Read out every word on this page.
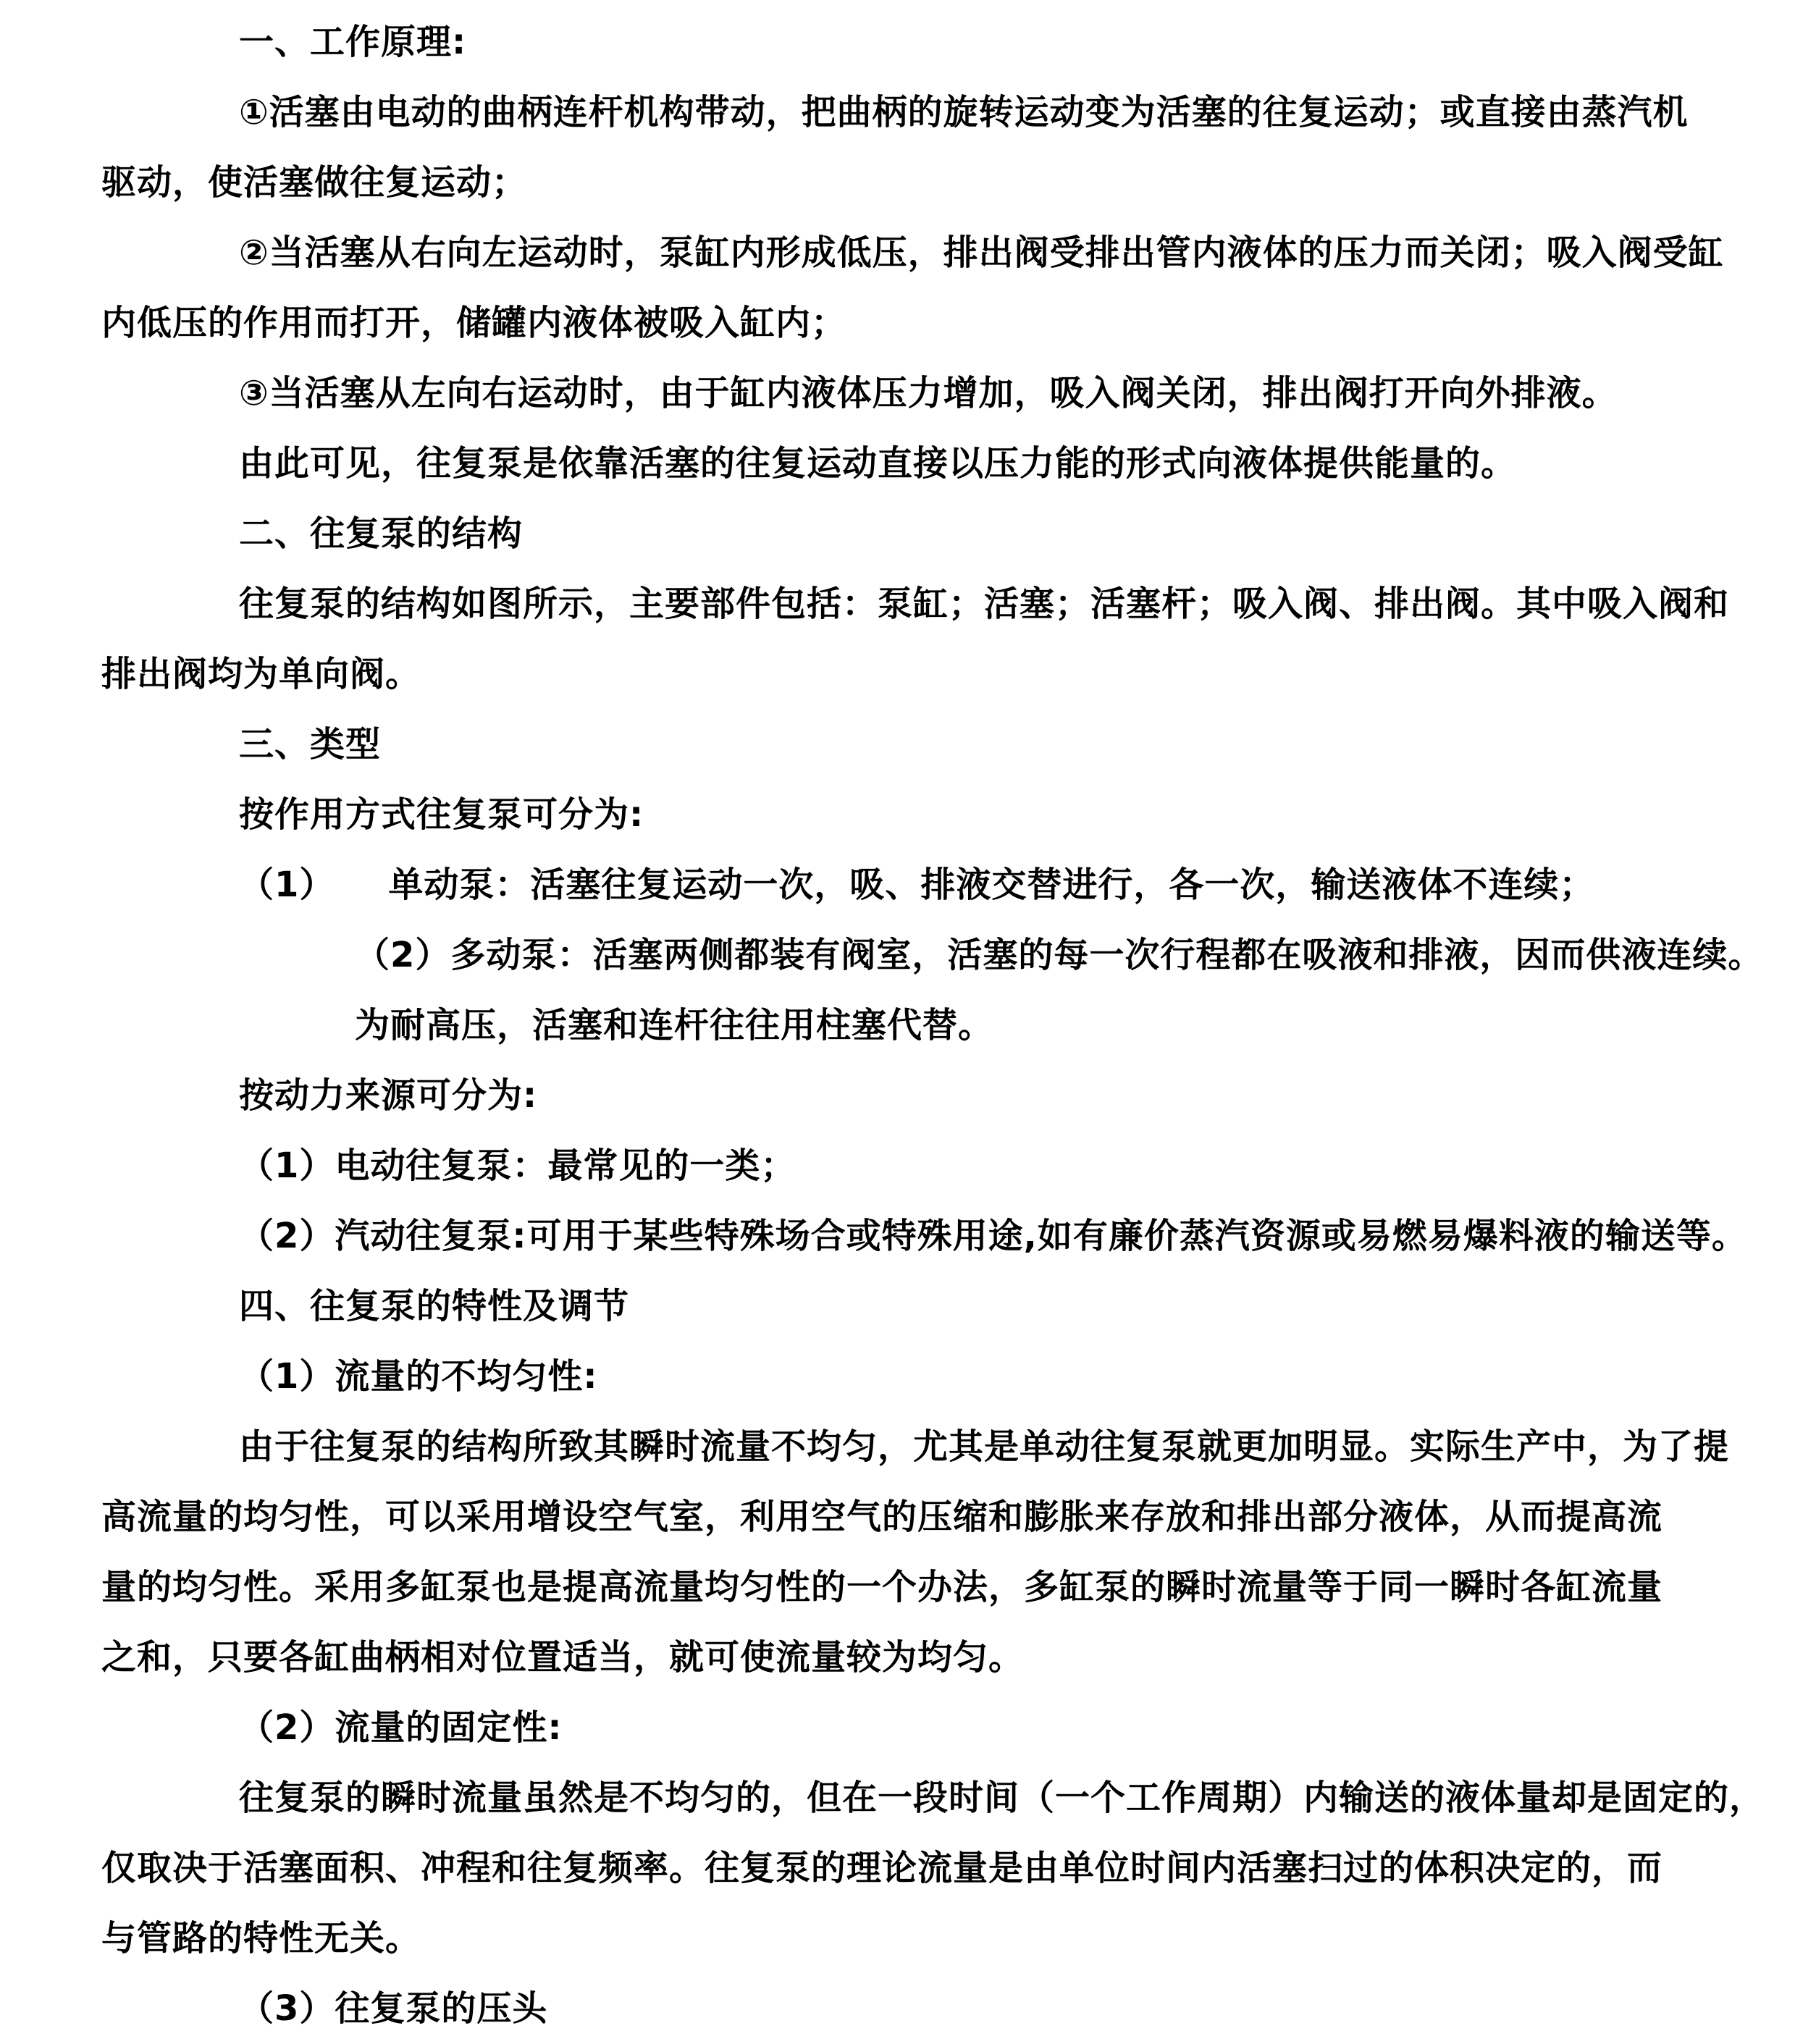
一、工作原理:

①活塞由电动的曲柄连杆机构带动，把曲柄的旋转运动变为活塞的往复运动；或直接由蒸汽机

驱动，使活塞做往复运动；

②当活塞从右向左运动时，泵缸内形成低压，排出阀受排出管内液体的压力而关闭；吸入阀受缸

内低压的作用而打开，储罐内液体被吸入缸内；

③当活塞从左向右运动时，由于缸内液体压力增加，吸入阀关闭，排出阀打开向外排液。

由此可见，往复泵是依靠活塞的往复运动直接以压力能的形式向液体提供能量的。

二、往复泵的结构

往复泵的结构如图所示，主要部件包括：泵缸；活塞；活塞杆；吸入阀、排出阀。其中吸入阀和

排出阀均为单向阀。

三、类型

按作用方式往复泵可分为:

（1）　　单动泵：活塞往复运动一次，吸、排液交替进行，各一次，输送液体不连续；

（2）多动泵：活塞两侧都装有阀室，活塞的每一次行程都在吸液和排液，因而供液连续。

为耐高压，活塞和连杆往往用柱塞代替。

按动力来源可分为:

（1）电动往复泵：最常见的一类；

（2）汽动往复泵:可用于某些特殊场合或特殊用途,如有廉价蒸汽资源或易燃易爆料液的输送等。

四、往复泵的特性及调节

（1）流量的不均匀性:

由于往复泵的结构所致其瞬时流量不均匀，尤其是单动往复泵就更加明显。实际生产中，为了提

高流量的均匀性，可以采用增设空气室，利用空气的压缩和膨胀来存放和排出部分液体，从而提高流

量的均匀性。采用多缸泵也是提高流量均匀性的一个办法，多缸泵的瞬时流量等于同一瞬时各缸流量

之和，只要各缸曲柄相对位置适当，就可使流量较为均匀。

（2）流量的固定性:

往复泵的瞬时流量虽然是不均匀的，但在一段时间（一个工作周期）内输送的液体量却是固定的，

仅取决于活塞面积、冲程和往复频率。往复泵的理论流量是由单位时间内活塞扫过的体积决定的，而

与管路的特性无关。

（3）往复泵的压头
